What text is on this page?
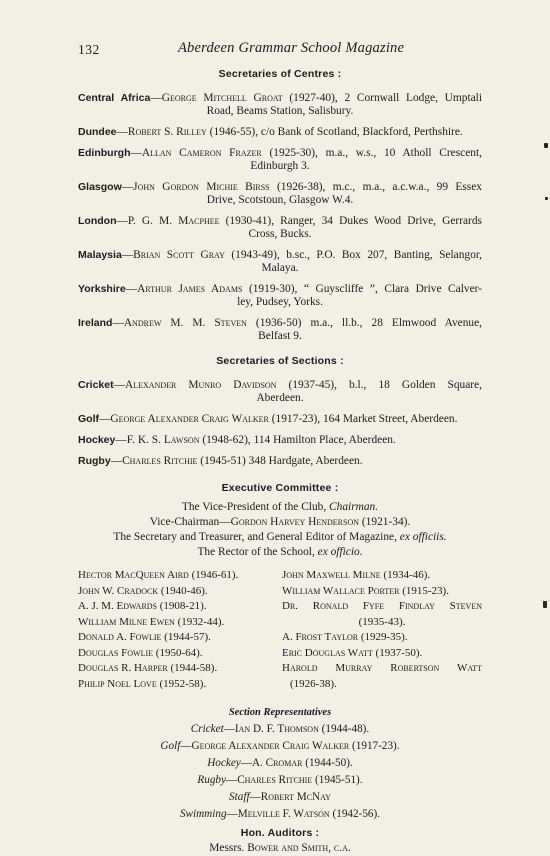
132	Aberdeen Grammar School Magazine
Secretaries of Centres :
Central Africa—George Mitchell Groat (1927-40), 2 Cornwall Lodge, Umptali
Road, Beams Station, Salisbury.
Dundee—Robert S. Rilley (1946-55), c/o Bank of Scotland, Blackford, Perthshire.
Edinburgh—Allan Cameron Frazer (1925-30), m.a., w.s., 10 Atholl Crescent,
Edinburgh 3.
Glasgow—John Gordon Michie Birss (1926-38), m.c., m.a., a.c.w.a., 99 Essex
Drive, Scotstoun, Glasgow W.4.
London—P. G. M. Macphee (1930-41), Ranger, 34 Dukes Wood Drive, Gerrards
Cross, Bucks.
Malaysia—Brian Scott Gray (1943-49), b.sc., P.O. Box 207, Banting, Selangor,
Malaya.
Yorkshire—Arthur James Adams (1919-30), “ Guyscliffe ”, Clara Drive Calver-
ley, Pudsey, Yorks.
Ireland—Andrew M. M. Steven (1936-50) m.a., ll.b., 28 Elmwood Avenue,
Belfast 9.
Secretaries of Sections :
Cricket—Alexander Munro Davidson (1937-45), b.l., 18 Golden Square,
Aberdeen.
Golf—George Alexander Craig Walker (1917-23), 164 Market Street, Aberdeen.
Hockey—F. K. S. Lawson (1948-62), 114 Hamilton Place, Aberdeen.
Rugby—Charles Ritchie (1945-51) 348 Hardgate, Aberdeen.
Executive Committee :
The Vice-President of the Club, Chairman.
Vice-Chairman—Gordon Harvey Henderson (1921-34).
The Secretary and Treasurer, and General Editor of Magazine, ex officiis.
The Rector of the School, ex officio.
Hector MacQueen Aird (1946-61).
John W. Cradock (1940-46).
A. J. M. Edwards (1908-21).
William Milne Ewen (1932-44).
Donald A. Fowlie (1944-57).
Douglas Fowlie (1950-64).
Douglas R. Harper (1944-58).
Philip Noel Love (1952-58).
John Maxwell Milne (1934-46).
William Wallace Porter (1915-23).
Dr. Ronald Fyfe Findlay Steven
(1935-43).
A. Frost Taylor (1929-35).
Eric Douglas Watt (1937-50).
Harold Murray Robertson Watt
(1926-38).
Section Representatives
Cricket—Ian D. F. Thomson (1944-48).
Golf—George Alexander Craig Walker (1917-23).
Hockey—A. Cromar (1944-50).
Rugby—Charles Ritchie (1945-51).
Staff—Robert McNay
Swimming—Melville F. Watson (1942-56).
Hon. Auditors :
Messrs. Bower and Smith, c.a.
